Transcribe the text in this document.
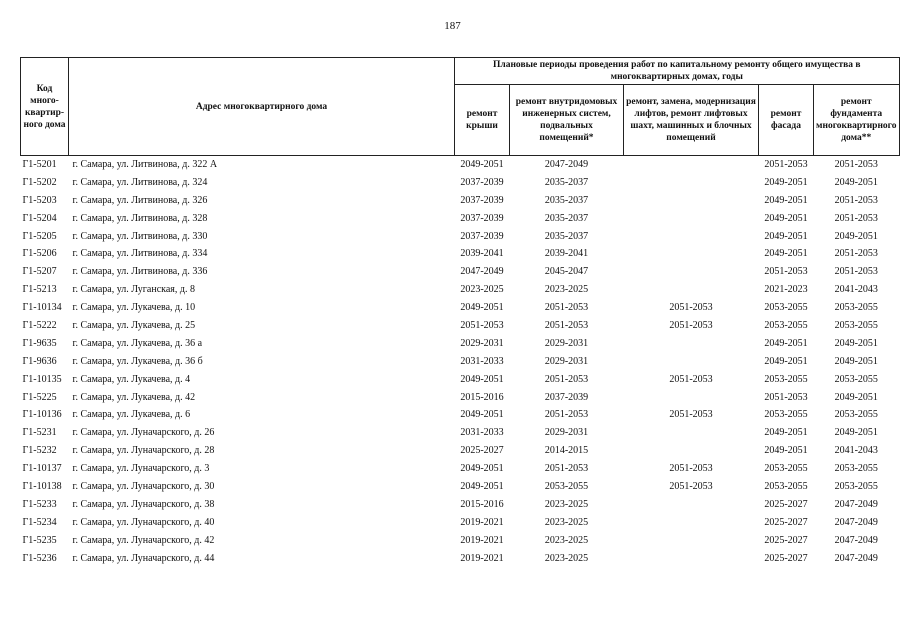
187
Код много-квартир-ного дома	Адрес многоквартирного дома	Плановые периоды проведения работ по капитальному ремонту общего имущества в многоквартирных домах, годы				
		ремонт крыши	ремонт внутридомовых инженерных систем, подвальных помещений*	ремонт, замена, модернизация лифтов, ремонт лифтовых шахт, машинных и блочных помещений	ремонт фасада	ремонт фундамента многоквартирного дома**
Г1-5201	г. Самара, ул. Литвинова, д. 322 А	2049-2051	2047-2049		2051-2053	2051-2053
Г1-5202	г. Самара, ул. Литвинова, д. 324	2037-2039	2035-2037		2049-2051	2049-2051
Г1-5203	г. Самара, ул. Литвинова, д. 326	2037-2039	2035-2037		2049-2051	2051-2053
Г1-5204	г. Самара, ул. Литвинова, д. 328	2037-2039	2035-2037		2049-2051	2051-2053
Г1-5205	г. Самара, ул. Литвинова, д. 330	2037-2039	2035-2037		2049-2051	2049-2051
Г1-5206	г. Самара, ул. Литвинова, д. 334	2039-2041	2039-2041		2049-2051	2051-2053
Г1-5207	г. Самара, ул. Литвинова, д. 336	2047-2049	2045-2047		2051-2053	2051-2053
Г1-5213	г. Самара, ул. Луганская, д. 8	2023-2025	2023-2025		2021-2023	2041-2043
Г1-10134	г. Самара, ул. Лукачева, д. 10	2049-2051	2051-2053	2051-2053	2053-2055	2053-2055
Г1-5222	г. Самара, ул. Лукачева, д. 25	2051-2053	2051-2053	2051-2053	2053-2055	2053-2055
Г1-9635	г. Самара, ул. Лукачева, д. 36 а	2029-2031	2029-2031		2049-2051	2049-2051
Г1-9636	г. Самара, ул. Лукачева, д. 36 б	2031-2033	2029-2031		2049-2051	2049-2051
Г1-10135	г. Самара, ул. Лукачева, д. 4	2049-2051	2051-2053	2051-2053	2053-2055	2053-2055
Г1-5225	г. Самара, ул. Лукачева, д. 42	2015-2016	2037-2039		2051-2053	2049-2051
Г1-10136	г. Самара, ул. Лукачева, д. 6	2049-2051	2051-2053	2051-2053	2053-2055	2053-2055
Г1-5231	г. Самара, ул. Луначарского, д. 26	2031-2033	2029-2031		2049-2051	2049-2051
Г1-5232	г. Самара, ул. Луначарского, д. 28	2025-2027	2014-2015		2049-2051	2041-2043
Г1-10137	г. Самара, ул. Луначарского, д. 3	2049-2051	2051-2053	2051-2053	2053-2055	2053-2055
Г1-10138	г. Самара, ул. Луначарского, д. 30	2049-2051	2053-2055	2051-2053	2053-2055	2053-2055
Г1-5233	г. Самара, ул. Луначарского, д. 38	2015-2016	2023-2025		2025-2027	2047-2049
Г1-5234	г. Самара, ул. Луначарского, д. 40	2019-2021	2023-2025		2025-2027	2047-2049
Г1-5235	г. Самара, ул. Луначарского, д. 42	2019-2021	2023-2025		2025-2027	2047-2049
Г1-5236	г. Самара, ул. Луначарского, д. 44	2019-2021	2023-2025		2025-2027	2047-2049
